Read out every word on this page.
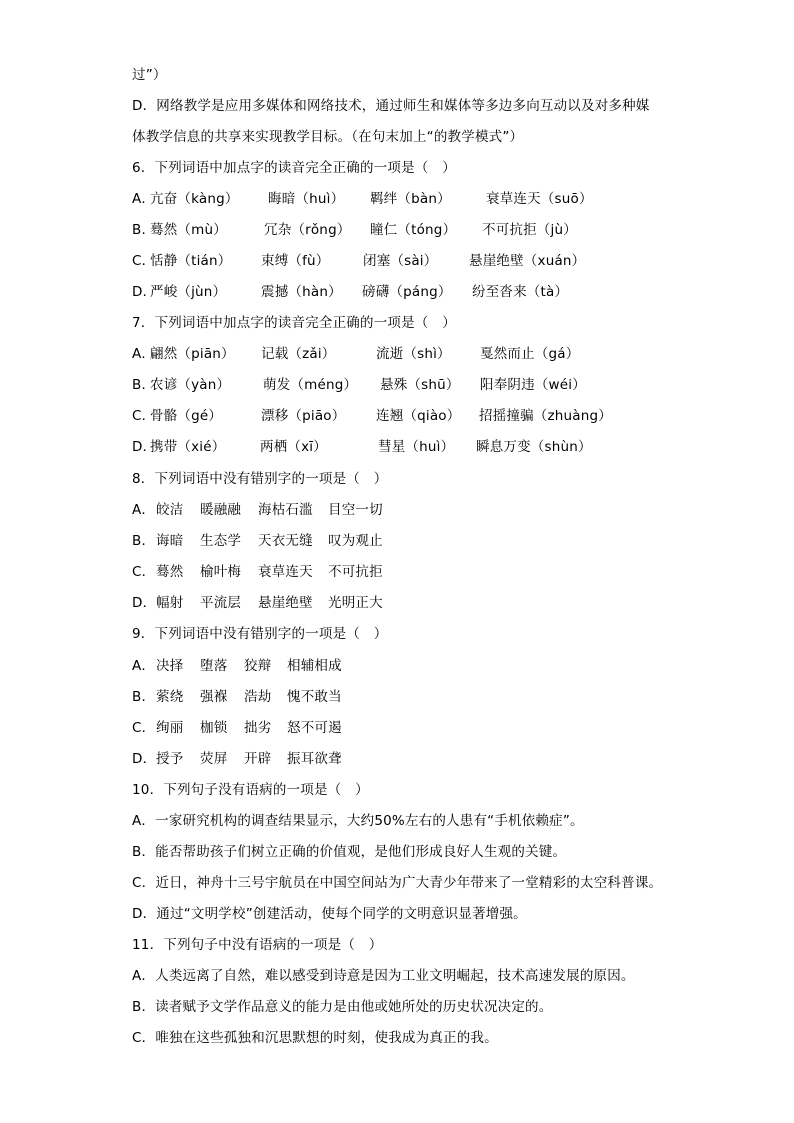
过”）
D．网络教学是应用多媒体和网络技术，通过师生和媒体等多边多向互动以及对多种媒
体教学信息的共享来实现教学目标。（在句末加上“的教学模式”）
6．下列词语中加点字的读音完全正确的一项是（　）
A．
亢奋（kàng） 晦暗（huì） 羁绊（bàn）	衰草连天（suō）
B．
蓦然（mù）	冗杂（rǒng） 瞳仁（tóng） 不可抗拒（jù）
C．
恬静（tián） 束缚（fù） 闭塞（sài） 悬崖绝壁（xuán）
D．
严峻（jùn）	震撼（hàn） 磅礴（páng） 纷至沓来（tà）
7．下列词语中加点字的读音完全正确的一项是（　）
A．
翩然（piān） 记载（zǎi）	流逝（shì） 戛然而止（gá）
B．
农谚（yàn） 萌发（méng） 悬殊（shū） 阳奉阴违（wéi）
C．
骨骼（gé）	漂移（piāo） 连翘（qiào） 招摇撞骗（zhuàng）
D．
携带（xié）	两栖（xī）	彗星（huì） 瞬息万变（shùn）
8．下列词语中没有错别字的一项是（　）
A． 皎洁 暖融融 海枯石滥 目空一切
B． 诲暗 生态学 天衣无缝 叹为观止
C． 蓦然 榆叶梅 衰草连天 不可抗拒
D． 幅射 平流层 悬崖绝壁 光明正大
9．下列词语中没有错别字的一项是（　）
A． 决择 堕落 狡辩 相辅相成
B． 萦绕 强褓 浩劫 愧不敢当
C． 绚丽 枷锁 拙劣 怒不可遏
D． 授予 荧屏 开辟 振耳欲聋
10．下列句子没有语病的一项是（　）
A．一家研究机构的调查结果显示，大约50%左右的人患有“手机依赖症”。
B．能否帮助孩子们树立正确的价值观，是他们形成良好人生观的关键。
C．近日，神舟十三号宇航员在中国空间站为广大青少年带来了一堂精彩的太空科普课。
D．通过“文明学校”创建活动，使每个同学的文明意识显著增强。
11．下列句子中没有语病的一项是（　）
A．人类远离了自然，难以感受到诗意是因为工业文明崛起，技术高速发展的原因。
B．读者赋予文学作品意义的能力是由他或她所处的历史状况决定的。
C．唯独在这些孤独和沉思默想的时刻，使我成为真正的我。
